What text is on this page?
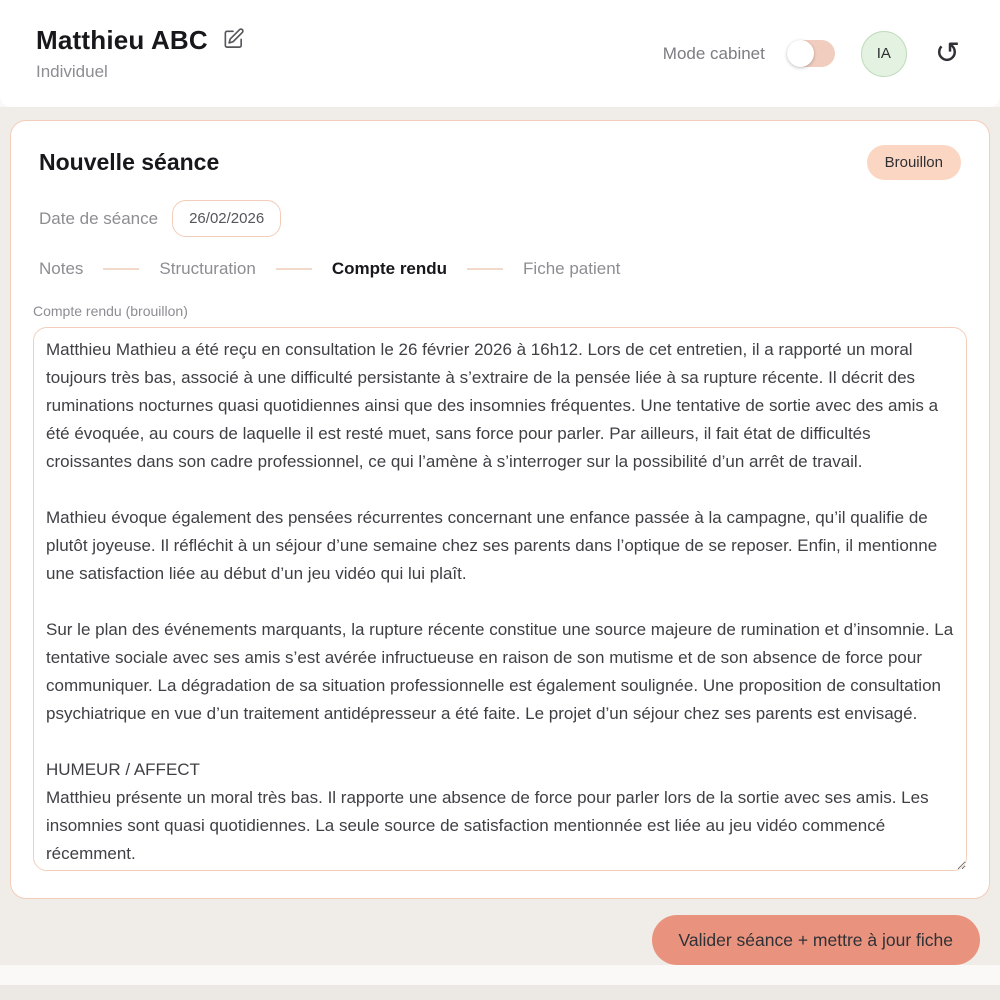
Matthieu ABC
Individuel
Mode cabinet	IA ↺
Nouvelle séance	Brouillon
Date de séance	26/02/2026
Notes	Structuration	Compte rendu	Fiche patient
Compte rendu (brouillon)
Matthieu Mathieu a été reçu en consultation le 26 février 2026 à 16h12. Lors de cet entretien, il a rapporté un moral toujours très bas, associé à une difficulté persistante à s’extraire de la pensée liée à sa rupture récente. Il décrit des ruminations nocturnes quasi quotidiennes ainsi que des insomnies fréquentes. Une tentative de sortie avec des amis a été évoquée, au cours de laquelle il est resté muet, sans force pour parler. Par ailleurs, il fait état de difficultés croissantes dans son cadre professionnel, ce qui l’amène à s’interroger sur la possibilité d’un arrêt de travail. Mathieu évoque également des pensées récurrentes concernant une enfance passée à la campagne, qu’il qualifie de plutôt joyeuse. Il réfléchit à un séjour d’une semaine chez ses parents dans l’optique de se reposer. Enfin, il mentionne une satisfaction liée au début d’un jeu vidéo qui lui plaît. Sur le plan des événements marquants, la rupture récente constitue une source majeure de rumination et d’insomnie. La tentative sociale avec ses amis s’est avérée infructueuse en raison de son mutisme et de son absence de force pour communiquer. La dégradation de sa situation professionnelle est également soulignée. Une proposition de consultation psychiatrique en vue d’un traitement antidépresseur a été faite. Le projet d’un séjour chez ses parents est envisagé. HUMEUR / AFFECT Matthieu présente un moral très bas. Il rapporte une absence de force pour parler lors de la sortie avec ses amis. Les insomnies sont quasi quotidiennes. La seule source de satisfaction mentionnée est liée au jeu vidéo commencé récemment.
Valider séance + mettre à jour fiche
